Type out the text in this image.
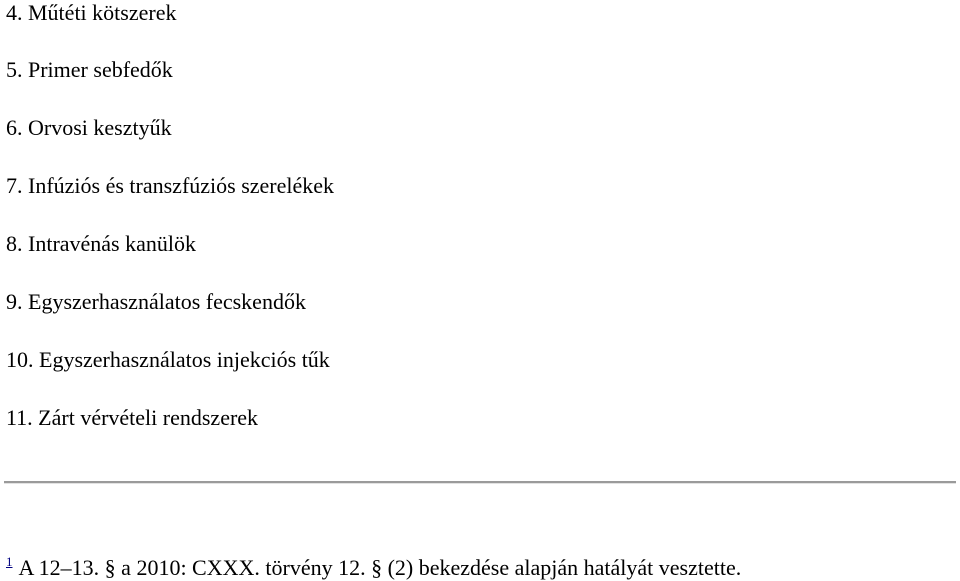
4. Műtéti kötszerek
5. Primer sebfedők
6. Orvosi kesztyűk
7. Infúziós és transzfúziós szerelékek
8. Intravénás kanülök
9. Egyszerhasználatos fecskendők
10. Egyszerhasználatos injekciós tűk
11. Zárt vérvételi rendszerek
$^1$ A 12–13. § a 2010: CXXX. törvény 12. § (2) bekezdése alapján hatályát vesztette.
